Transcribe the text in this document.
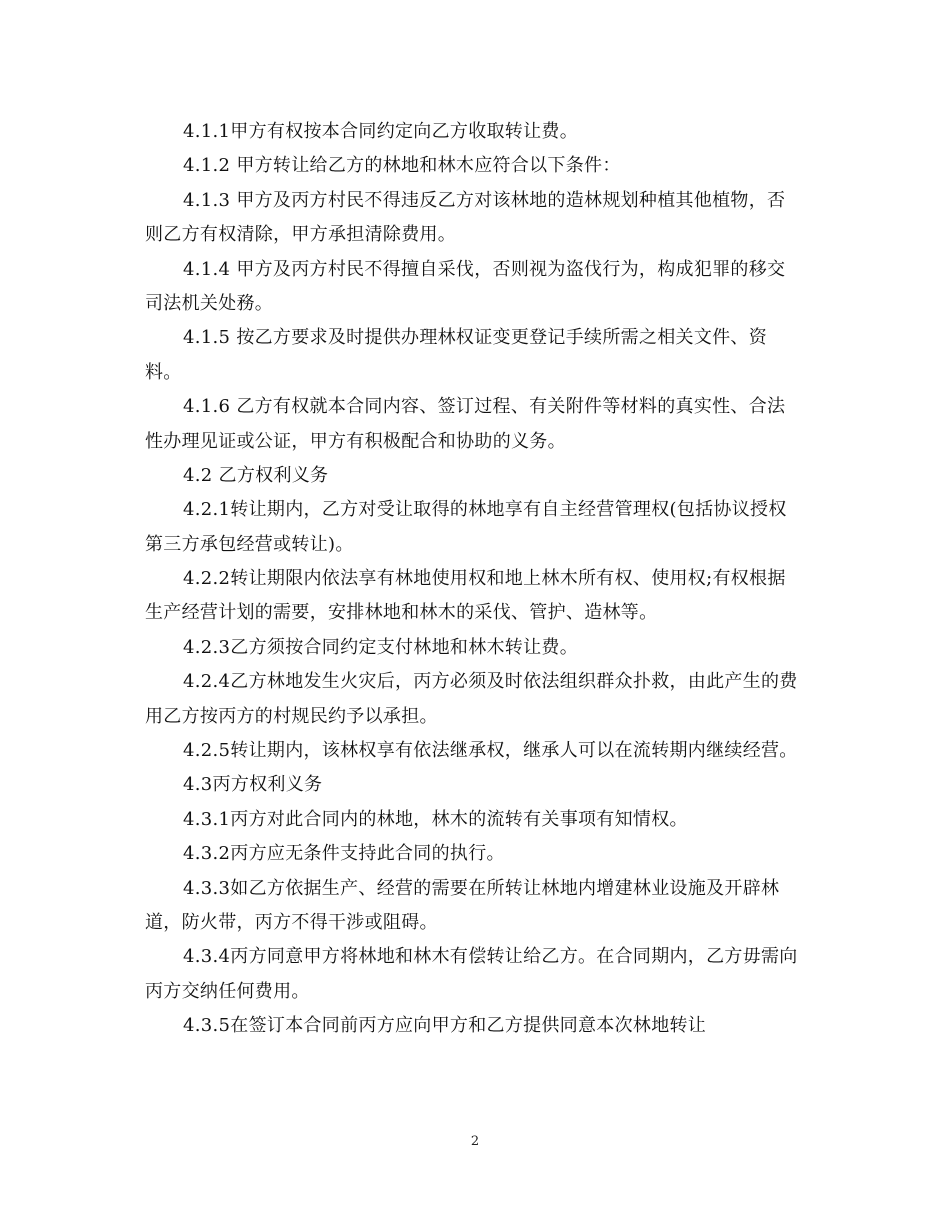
4.1.1甲方有权按本合同约定向乙方收取转让费。
4.1.2 甲方转让给乙方的林地和林木应符合以下条件：
4.1.3 甲方及丙方村民不得违反乙方对该林地的造林规划种植其他植物，否
则乙方有权清除，甲方承担清除费用。
4.1.4 甲方及丙方村民不得擅自采伐，否则视为盗伐行为，构成犯罪的移交
司法机关处務。
4.1.5 按乙方要求及时提供办理林权证变更登记手续所需之相关文件、资
料。
4.1.6 乙方有权就本合同内容、签订过程、有关附件等材料的真实性、合法
性办理见证或公证，甲方有积极配合和协助的义务。
4.2 乙方权利义务
4.2.1转让期内，乙方对受让取得的林地享有自主经营管理权(包括协议授权
第三方承包经营或转让)。
4.2.2转让期限内依法享有林地使用权和地上林木所有权、使用权;有权根据
生产经营计划的需要，安排林地和林木的采伐、管护、造林等。
4.2.3乙方须按合同约定支付林地和林木转让费。
4.2.4乙方林地发生火灾后，丙方必须及时依法组织群众扑救，由此产生的费
用乙方按丙方的村规民约予以承担。
4.2.5转让期内，该林权享有依法继承权，继承人可以在流转期内继续经营。
4.3丙方权利义务
4.3.1丙方对此合同内的林地，林木的流转有关事项有知情权。
4.3.2丙方应无条件支持此合同的执行。
4.3.3如乙方依据生产、经营的需要在所转让林地内增建林业设施及开辟林
道，防火带，丙方不得干涉或阻碍。
4.3.4丙方同意甲方将林地和林木有偿转让给乙方。在合同期内，乙方毋需向
丙方交纳任何费用。
4.3.5在签订本合同前丙方应向甲方和乙方提供同意本次林地转让
2
